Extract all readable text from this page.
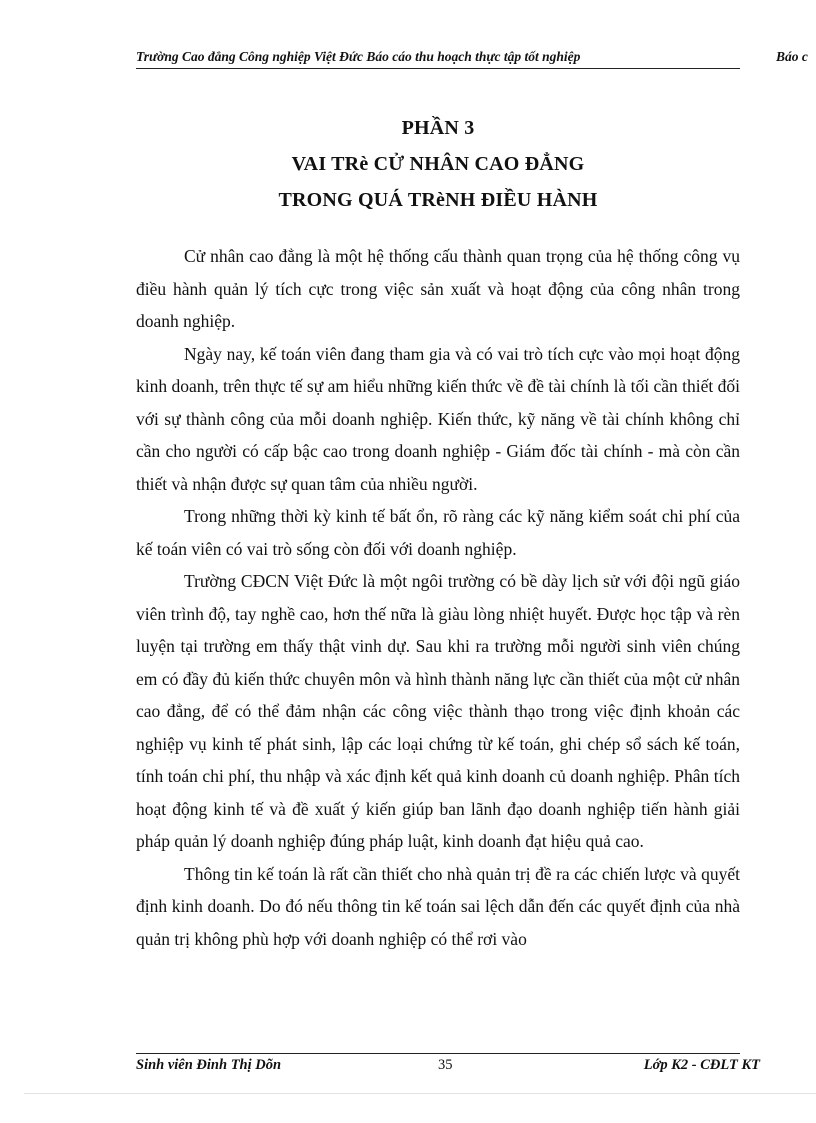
Trường Cao đẳng Công nghiệp Việt Đức Báo cáo thu hoạch thực tập tốt nghiệp	Báo c
PHẦN 3
VAI TRè CỬ NHÂN CAO ĐẲNG
TRONG QUÁ TRèNH ĐIỀU HÀNH

Cử nhân cao đẳng là một hệ thống cấu thành quan trọng của hệ thống công vụ điều hành quản lý tích cực trong việc sản xuất và hoạt động của công nhân trong doanh nghiệp.

Ngày nay, kế toán viên đang tham gia và có vai trò tích cực vào mọi hoạt động kinh doanh, trên thực tế sự am hiểu những kiến thức về đề tài chính là tối cần thiết đối với sự thành công của mỗi doanh nghiệp. Kiến thức, kỹ năng về tài chính không chỉ cần cho người có cấp bậc cao trong doanh nghiệp - Giám đốc tài chính - mà còn cần thiết và nhận được sự quan tâm của nhiều người.

Trong những thời kỳ kinh tế bất ổn, rõ ràng các kỹ năng kiểm soát chi phí của kế toán viên có vai trò sống còn đối với doanh nghiệp.

Trường CĐCN Việt Đức là một ngôi trường có bề dày lịch sử với đội ngũ giáo viên trình độ, tay nghề cao, hơn thế nữa là giàu lòng nhiệt huyết. Được học tập và rèn luyện tại trường em thấy thật vinh dự. Sau khi ra trường mỗi người sinh viên chúng em có đầy đủ kiến thức chuyên môn và hình thành năng lực cần thiết của một cử nhân cao đẳng, để có thể đảm nhận các công việc thành thạo trong việc định khoản các nghiệp vụ kinh tế phát sinh, lập các loại chứng từ kế toán, ghi chép sổ sách kế toán, tính toán chi phí, thu nhập và xác định kết quả kinh doanh củ doanh nghiệp. Phân tích hoạt động kinh tế và đề xuất ý kiến giúp ban lãnh đạo doanh nghiệp tiến hành giải pháp quản lý doanh nghiệp đúng pháp luật, kinh doanh đạt hiệu quả cao.

Thông tin kế toán là rất cần thiết cho nhà quản trị đề ra các chiến lược và quyết định kinh doanh. Do đó nếu thông tin kế toán sai lệch dẫn đến các quyết định của nhà quản trị không phù hợp với doanh nghiệp có thể rơi vào

Sinh viên Đinh Thị Dõn	35	Lớp K2 - CĐLT KT
